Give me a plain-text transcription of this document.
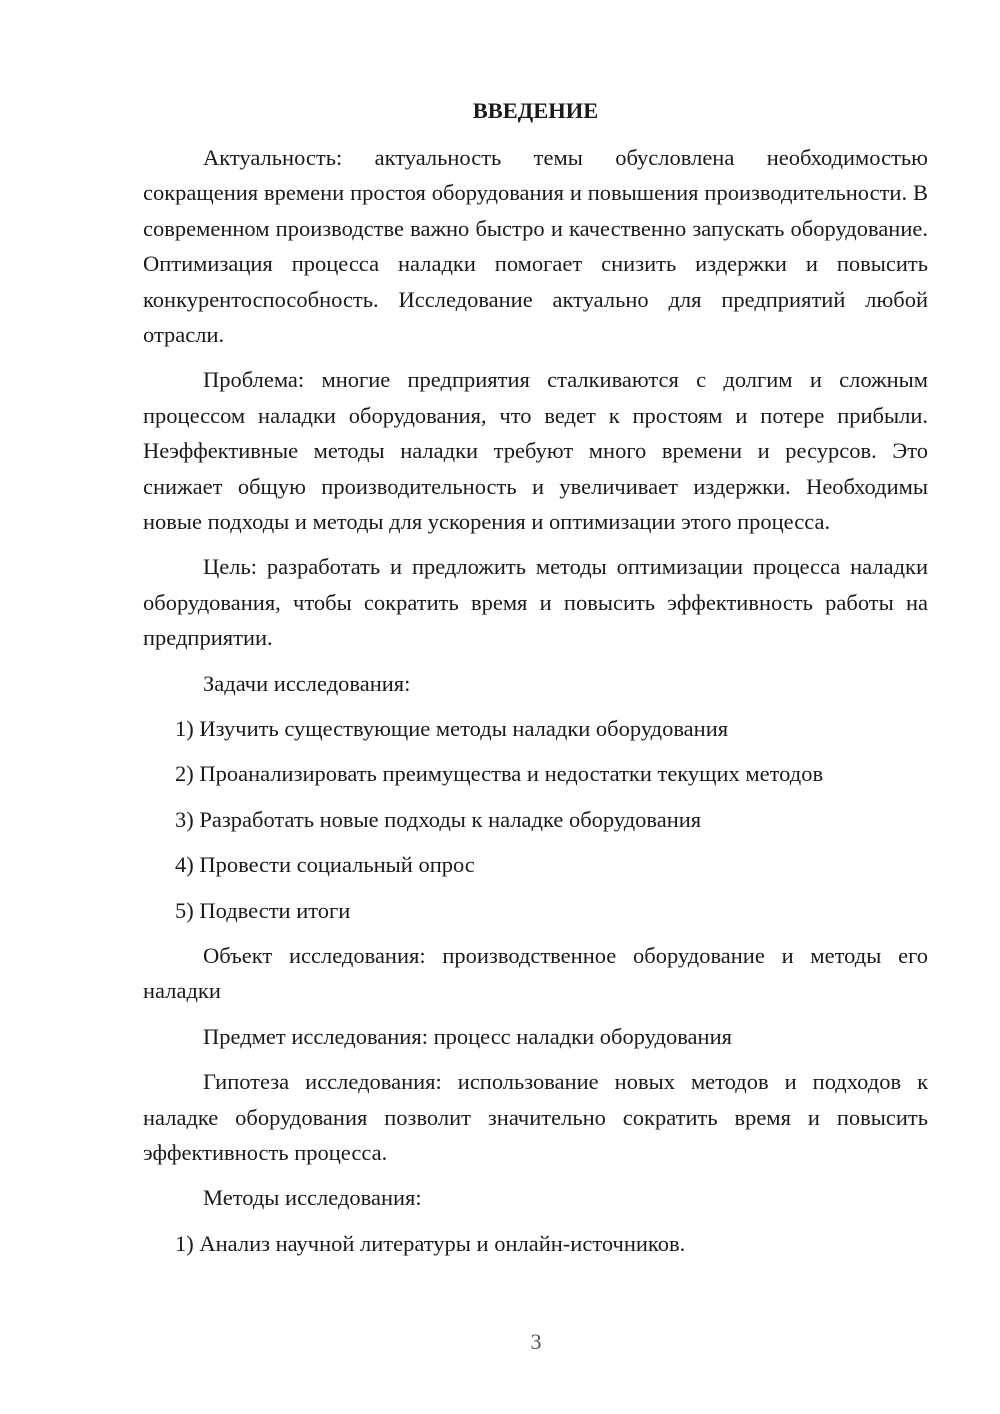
ВВЕДЕНИЕ

Актуальность: актуальность темы обусловлена необходимостью сокращения времени простоя оборудования и повышения производительности. В современном производстве важно быстро и качественно запускать оборудование. Оптимизация процесса наладки помогает снизить издержки и повысить конкурентоспособность. Исследование актуально для предприятий любой отрасли.

Проблема: многие предприятия сталкиваются с долгим и сложным процессом наладки оборудования, что ведет к простоям и потере прибыли. Неэффективные методы наладки требуют много времени и ресурсов. Это снижает общую производительность и увеличивает издержки. Необходимы новые подходы и методы для ускорения и оптимизации этого процесса.

Цель: разработать и предложить методы оптимизации процесса наладки оборудования, чтобы сократить время и повысить эффективность работы на предприятии.

Задачи исследования:
1) Изучить существующие методы наладки оборудования
2) Проанализировать преимущества и недостатки текущих методов
3) Разработать новые подходы к наладке оборудования
4) Провести социальный опрос
5) Подвести итоги

Объект исследования: производственное оборудование и методы его наладки

Предмет исследования: процесс наладки оборудования

Гипотеза исследования: использование новых методов и подходов к наладке оборудования позволит значительно сократить время и повысить эффективность процесса.

Методы исследования:
1) Анализ научной литературы и онлайн-источников.
3
